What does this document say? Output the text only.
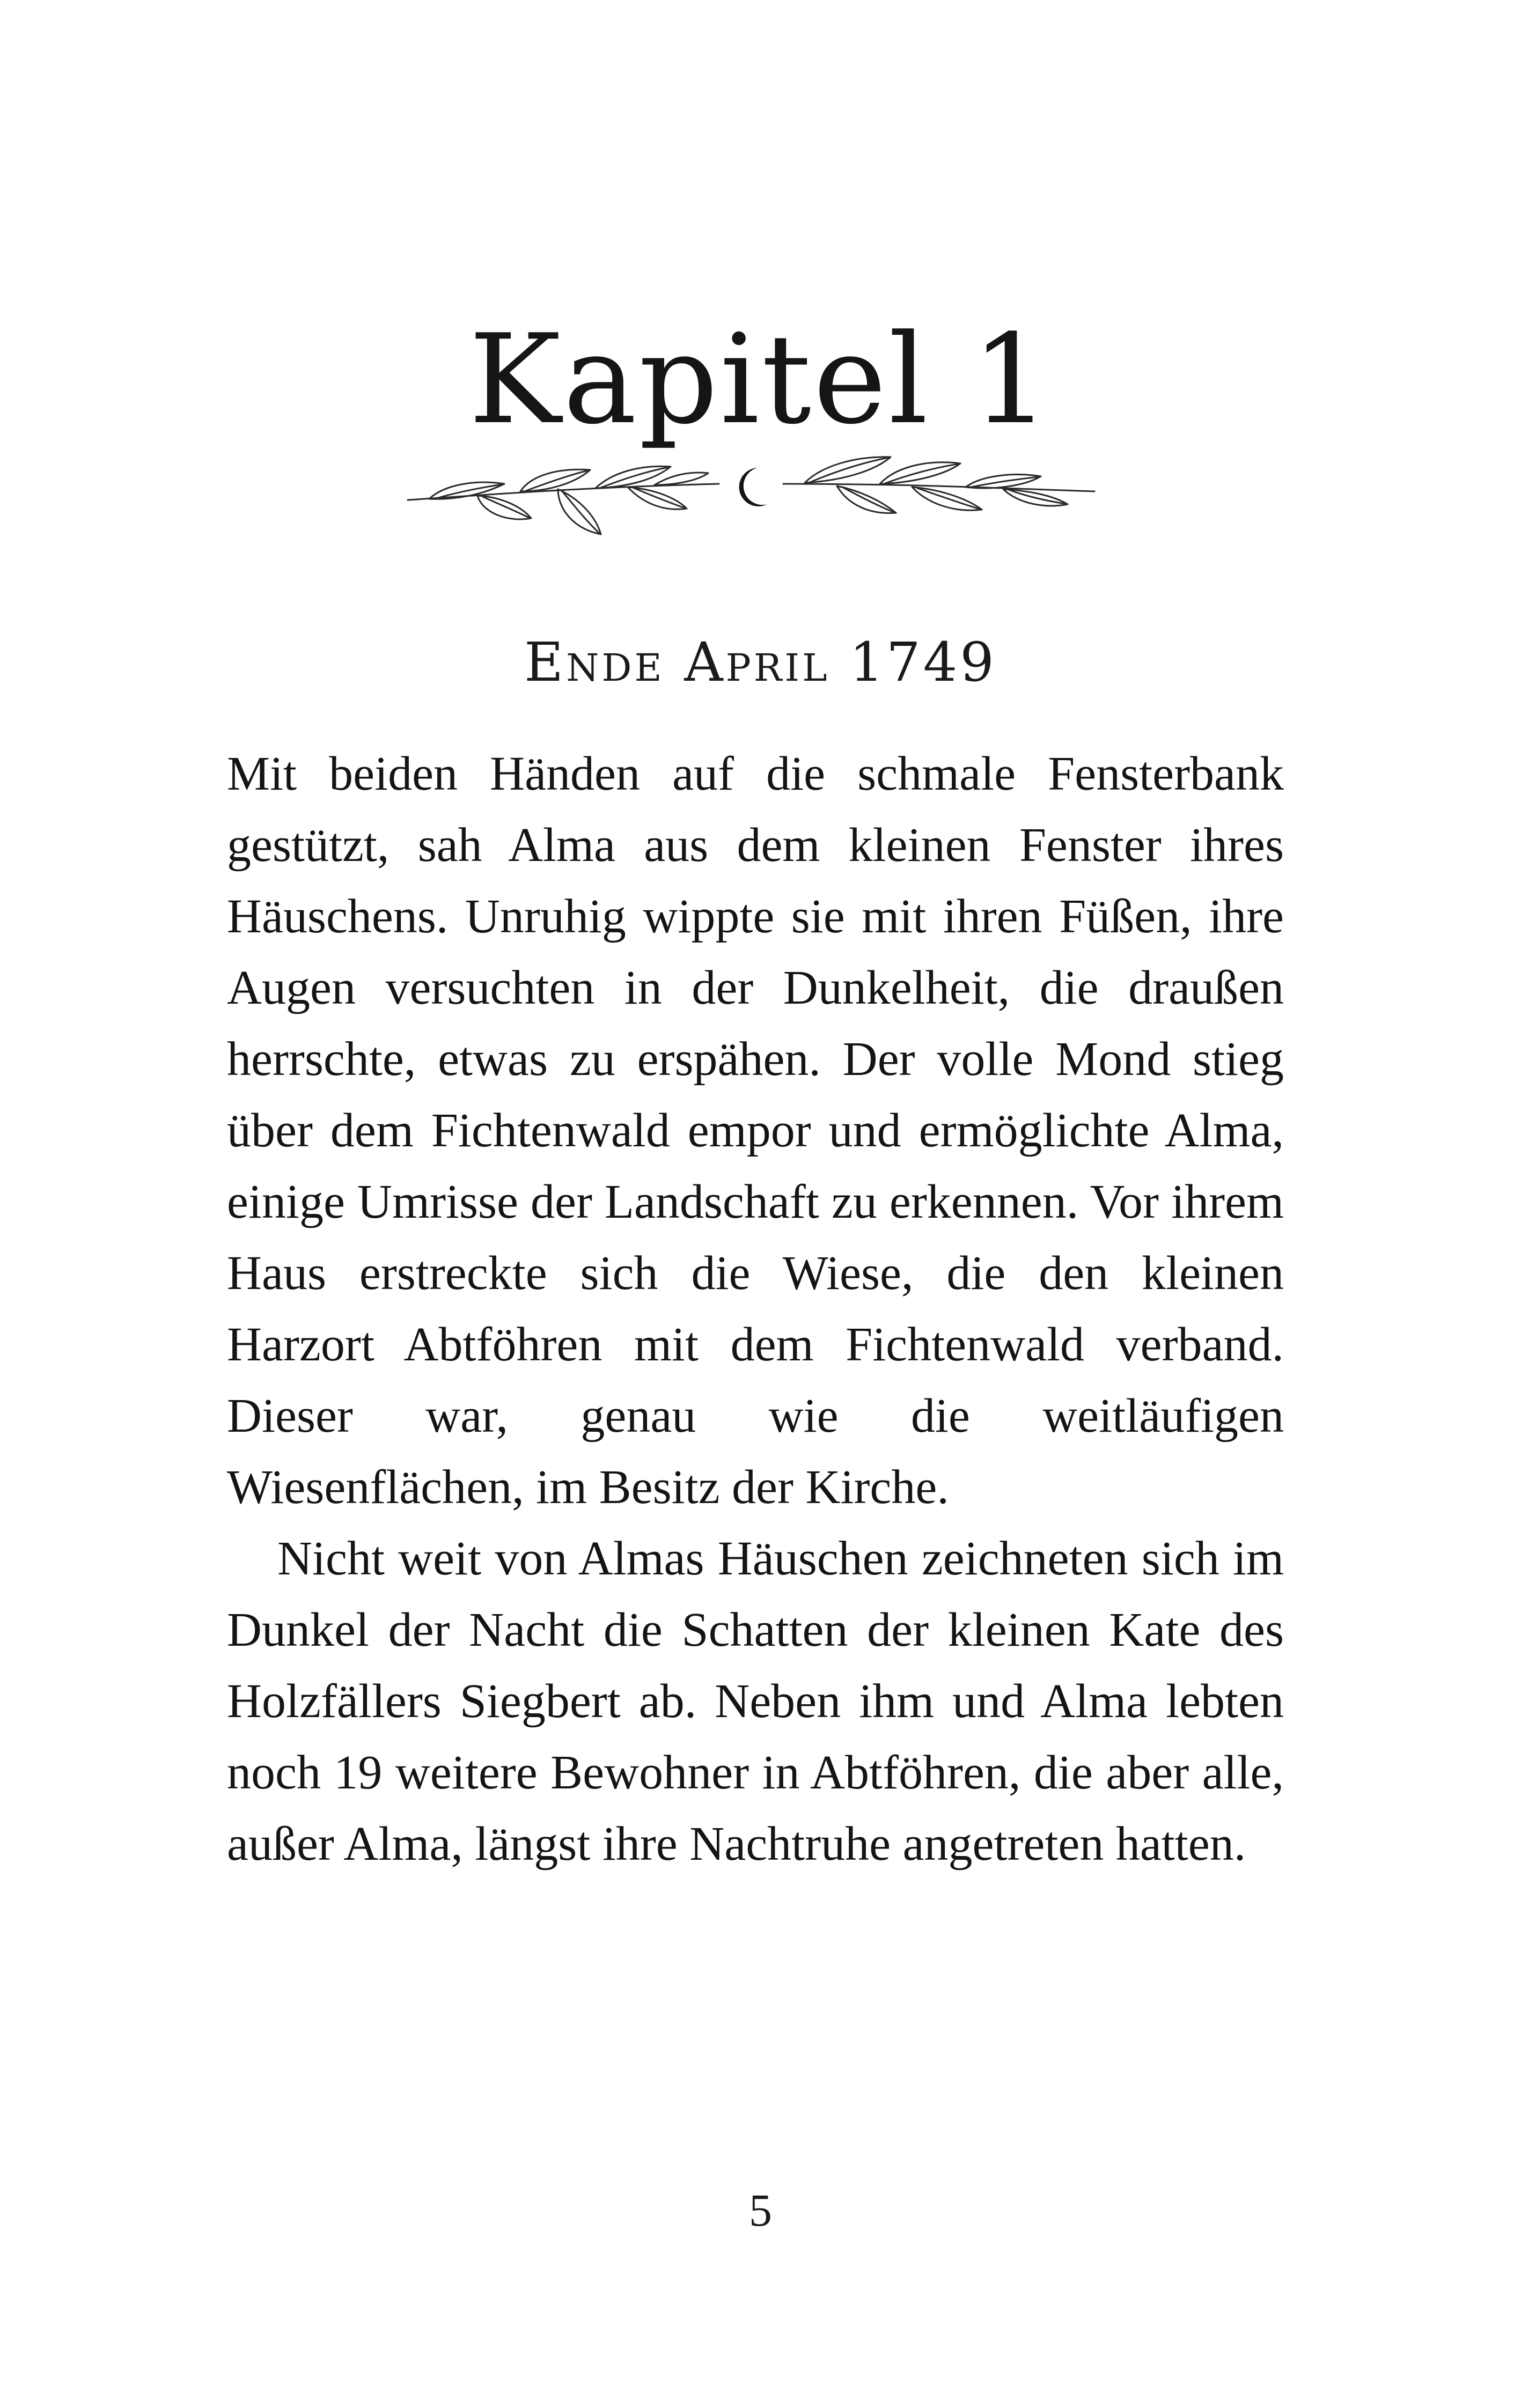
Kapitel 1
Ende April 1749

Mit beiden Händen auf die schmale Fensterbank gestützt, sah Alma aus dem kleinen Fenster ihres Häuschens. Unruhig wippte sie mit ihren Füßen, ihre Augen versuchten in der Dunkelheit, die draußen herrschte, etwas zu erspähen. Der volle Mond stieg über dem Fichtenwald empor und ermöglichte Alma, einige Umrisse der Landschaft zu erkennen. Vor ihrem Haus erstreckte sich die Wiese, die den kleinen Harzort Abtföhren mit dem Fichtenwald verband. Dieser war, genau wie die weitläufigen Wiesenflächen, im Besitz der Kirche.

Nicht weit von Almas Häuschen zeichneten sich im Dunkel der Nacht die Schatten der kleinen Kate des Holzfällers Siegbert ab. Neben ihm und Alma lebten noch 19 weitere Bewohner in Abtföhren, die aber alle, außer Alma, längst ihre Nachtruhe angetreten hatten.

5
